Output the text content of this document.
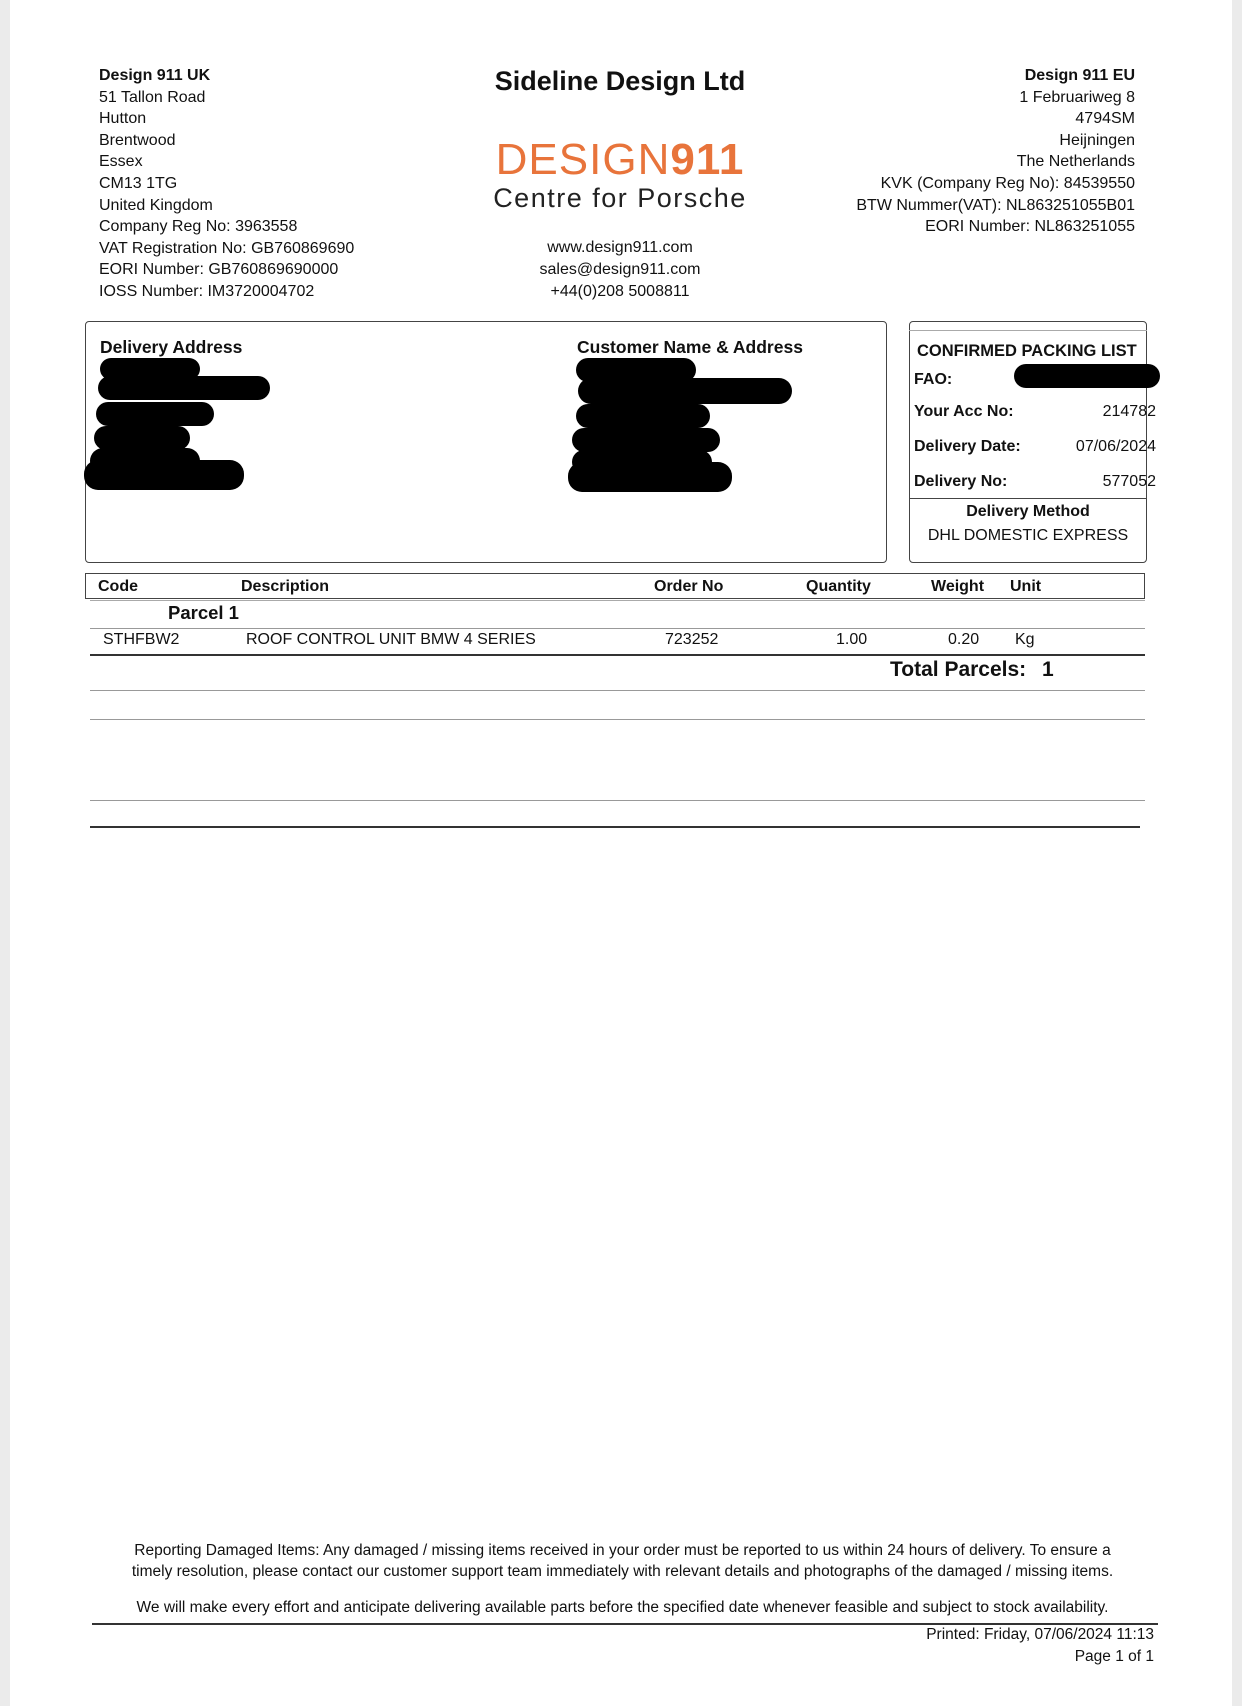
Design 911 UK
51 Tallon Road
Hutton
Brentwood
Essex
CM13 1TG
United Kingdom
Company Reg No: 3963558
VAT Registration No: GB760869690
EORI Number: GB760869690000
IOSS Number: IM3720004702
Sideline Design Ltd
DESIGN911
Centre for Porsche
www.design911.com
sales@design911.com
+44(0)208 5008811
Design 911 EU
1 Februariweg 8
4794SM
Heijningen
The Netherlands
KVK (Company Reg No): 84539550
BTW Nummer(VAT): NL863251055B01
EORI Number: NL863251055
Delivery Address	Customer Name & Address	CONFIRMED PACKING LIST
FAO:
Your Acc No:	214782
Delivery Date:	07/06/2024
Delivery No:	577052
Delivery Method
DHL DOMESTIC EXPRESS
Code	Description	Order No	Quantity	Weight Unit
Parcel 1
STHFBW2	ROOF CONTROL UNIT BMW 4 SERIES	723252	1.00	0.20 Kg
Total Parcels: 1
Reporting Damaged Items: Any damaged / missing items received in your order must be reported to us within 24 hours of delivery. To ensure a
timely resolution, please contact our customer support team immediately with relevant details and photographs of the damaged / missing items.
We will make every effort and anticipate delivering available parts before the specified date whenever feasible and subject to stock availability.
Printed: Friday, 07/06/2024 11:13
Page 1 of 1
